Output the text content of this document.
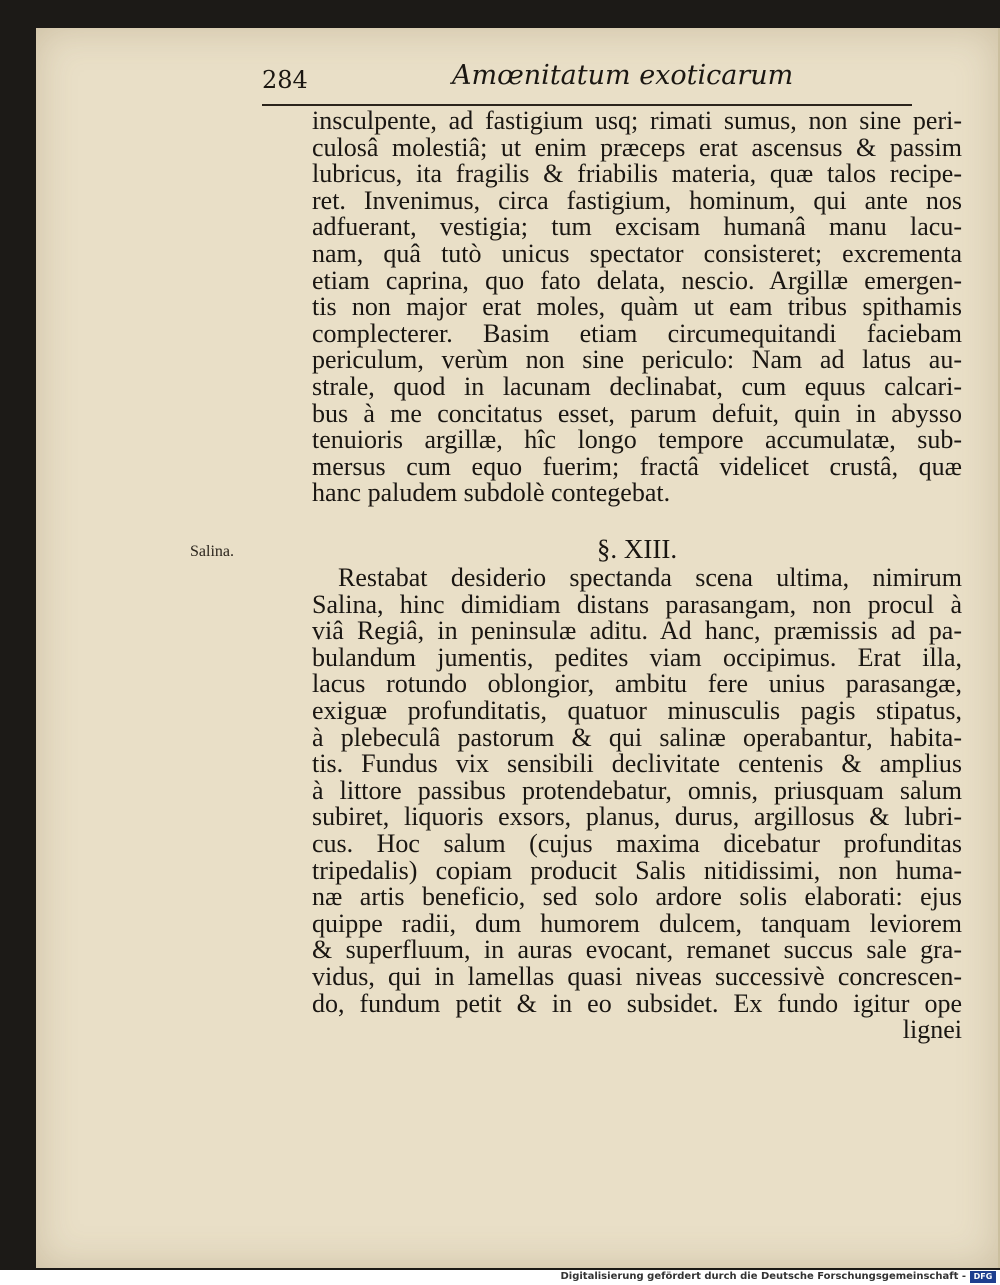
284	Amœnitatum exoticarum
insculpente, ad fastigium usq; rimati sumus, non sine peri-
culosâ molestiâ; ut enim præceps erat ascensus & passim
lubricus, ita fragilis & friabilis materia, quæ talos recipe-
ret. Invenimus, circa fastigium, hominum, qui ante nos
adfuerant, vestigia; tum excisam humanâ manu lacu-
nam, quâ tutò unicus spectator consisteret; excrementa
etiam caprina, quo fato delata, nescio. Argillæ emergen-
tis non major erat moles, quàm ut eam tribus spithamis
complecterer. Basim etiam circumequitandi faciebam
periculum, verùm non sine periculo: Nam ad latus au-
strale, quod in lacunam declinabat, cum equus calcari-
bus à me concitatus esset, parum defuit, quin in abysso
tenuioris argillæ, hîc longo tempore accumulatæ, sub-
mersus cum equo fuerim; fractâ videlicet crustâ, quæ
hanc paludem subdolè contegebat.
Salina.	§. XIII.
Restabat desiderio spectanda scena ultima, nimirum
Salina, hinc dimidiam distans parasangam, non procul à
viâ Regiâ, in peninsulæ aditu. Ad hanc, præmissis ad pa-
bulandum jumentis, pedites viam occipimus. Erat illa,
lacus rotundo oblongior, ambitu fere unius parasangæ,
exiguæ profunditatis, quatuor minusculis pagis stipatus,
à plebeculâ pastorum & qui salinæ operabantur, habita-
tis. Fundus vix sensibili declivitate centenis & amplius
à littore passibus protendebatur, omnis, priusquam salum
subiret, liquoris exsors, planus, durus, argillosus & lubri-
cus. Hoc salum (cujus maxima dicebatur profunditas
tripedalis) copiam producit Salis nitidissimi, non huma-
næ artis beneficio, sed solo ardore solis elaborati: ejus
quippe radii, dum humorem dulcem, tanquam leviorem
& superfluum, in auras evocant, remanet succus sale gra-
vidus, qui in lamellas quasi niveas successivè concrescen-
do, fundum petit & in eo subsidet. Ex fundo igitur ope
lignei
Digitalisierung gefördert durch die Deutsche Forschungsgemeinschaft - DFG
